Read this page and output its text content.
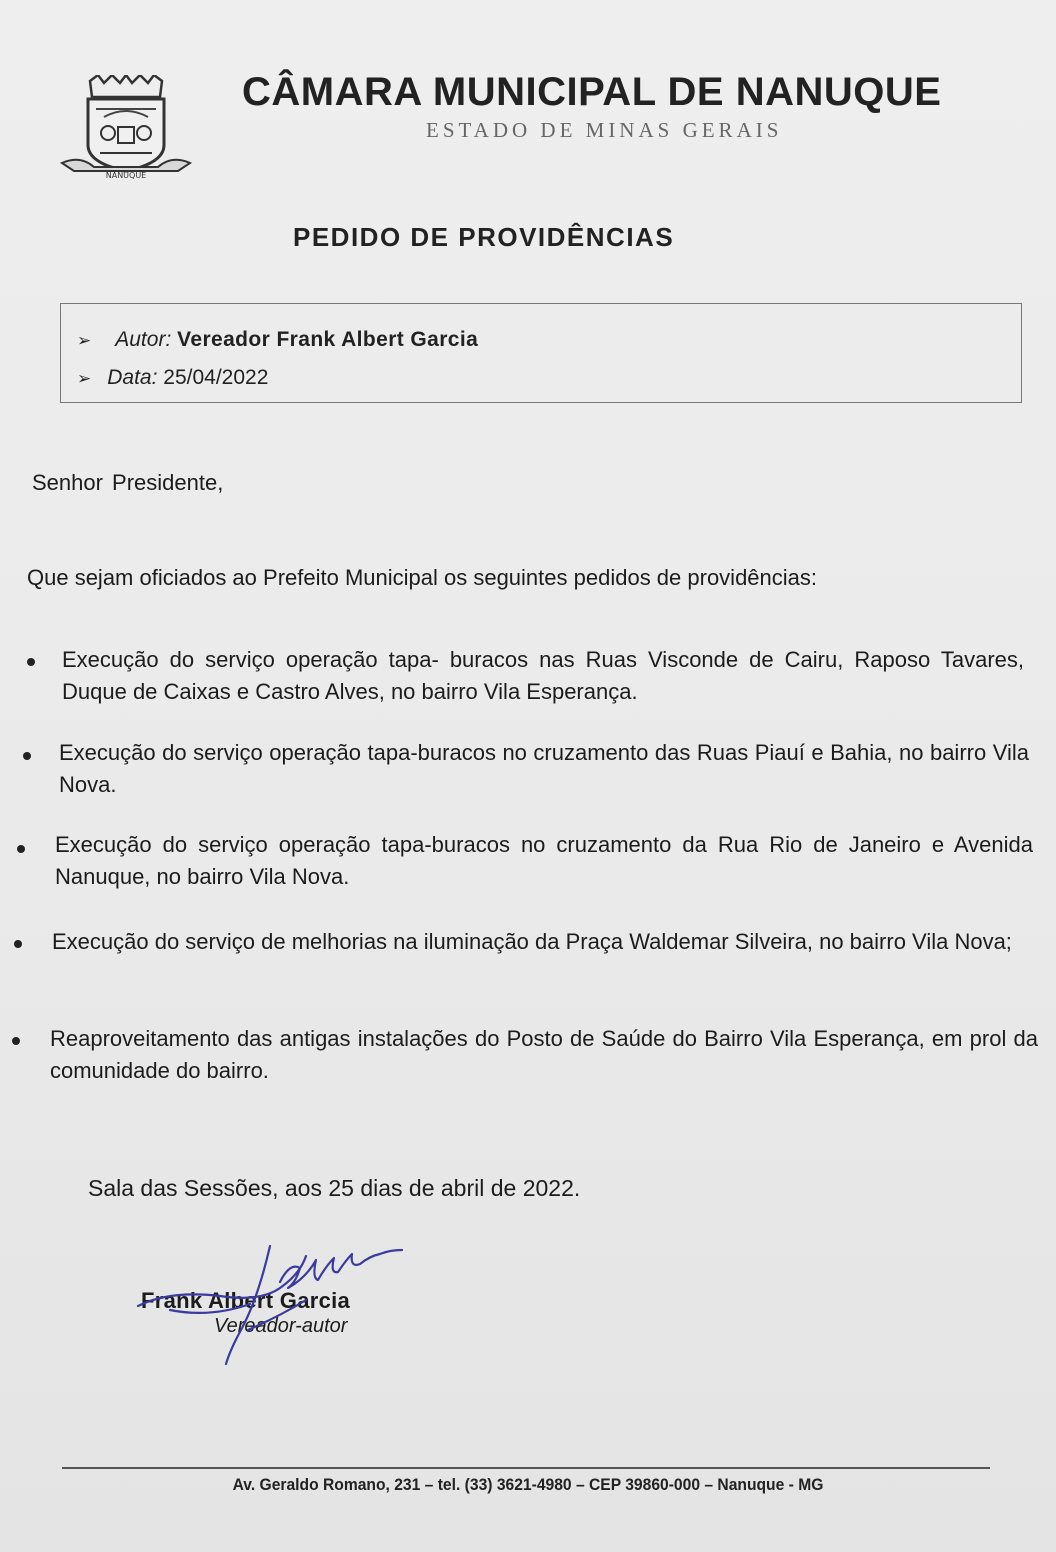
NANUQUE
CÂMARA MUNICIPAL DE NANUQUE
ESTADO DE MINAS GERAIS
PEDIDO DE PROVIDÊNCIAS
➢ Autor: Vereador Frank Albert Garcia
➢ Data: 25/04/2022
Senhor Presidente,
Que sejam oficiados ao Prefeito Municipal os seguintes pedidos de providências:
Execução do serviço operação tapa- buracos nas Ruas Visconde de Cairu, Raposo Tavares, Duque de Caixas e Castro Alves, no bairro Vila Esperança.
Execução do serviço operação tapa-buracos no cruzamento das Ruas Piauí e Bahia, no bairro Vila Nova.
Execução do serviço operação tapa-buracos no cruzamento da Rua Rio de Janeiro e Avenida Nanuque, no bairro Vila Nova.
Execução do serviço de melhorias na iluminação da Praça Waldemar Silveira, no bairro Vila Nova;
Reaproveitamento das antigas instalações do Posto de Saúde do Bairro Vila Esperança, em prol da comunidade do bairro.
Sala das Sessões, aos 25 dias de abril de 2022.
Frank Albert Garcia
Vereador-autor
Av. Geraldo Romano, 231 – tel. (33) 3621-4980 – CEP 39860-000 – Nanuque - MG
